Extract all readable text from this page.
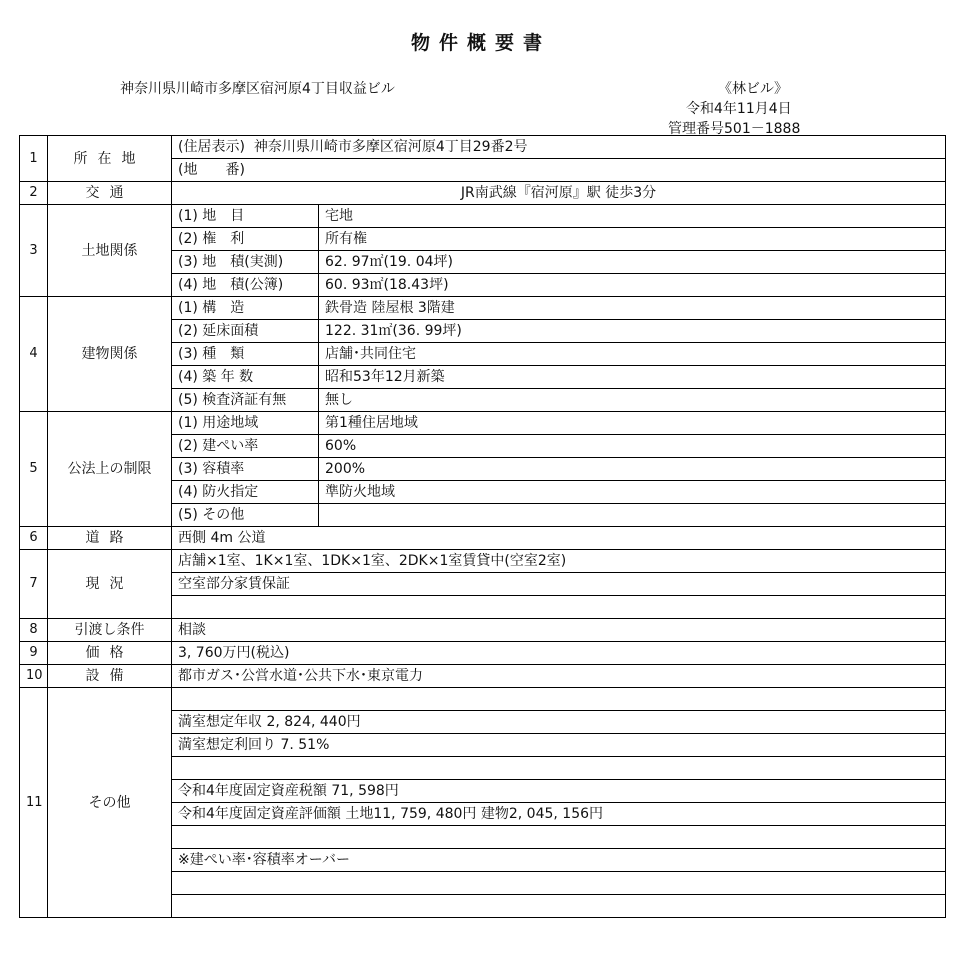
物件概要書
神奈川県川崎市多摩区宿河原4丁目収益ビル	《林ビル》
令和4年11月4日
管理番号501－1888
1	所在地	(住居表示) 神奈川県川崎市多摩区宿河原4丁目29番2号	
		(地　　番)	
2	交通	JR南武線『宿河原』駅 徒歩3分	
3	土地関係	(1) 地　目	宅地
		(2) 権　利	所有権
		(3) 地　積(実測)	62. 97㎡(19. 04坪)
		(4) 地　積(公簿)	60. 93㎡(18.43坪)
4	建物関係	(1) 構　造	鉄骨造 陸屋根 3階建
		(2) 延床面積	122. 31㎡(36. 99坪)
		(3) 種　類	店舗･共同住宅
		(4) 築 年 数	昭和53年12月新築
		(5) 検査済証有無	無し
5	公法上の制限	(1) 用途地域	第1種住居地域
		(2) 建ぺい率	60%
		(3) 容積率	200%
		(4) 防火指定	準防火地域
		(5) その他	
6	道路	西側 4m 公道	
7	現況	店舗×1室、1K×1室、1DK×1室、2DK×1室賃貸中(空室2室)	
		空室部分家賃保証	

8	引渡し条件	相談	
9	価格	3, 760万円(税込)	
10	設備	都市ガス･公営水道･公共下水･東京電力	
11	その他		
		満室想定年収 2, 824, 440円	
		満室想定利回り 7. 51%	

		令和4年度固定資産税額 71, 598円	
		令和4年度固定資産評価額 土地11, 759, 480円 建物2, 045, 156円	

		※建ぺい率･容積率オーバー	
